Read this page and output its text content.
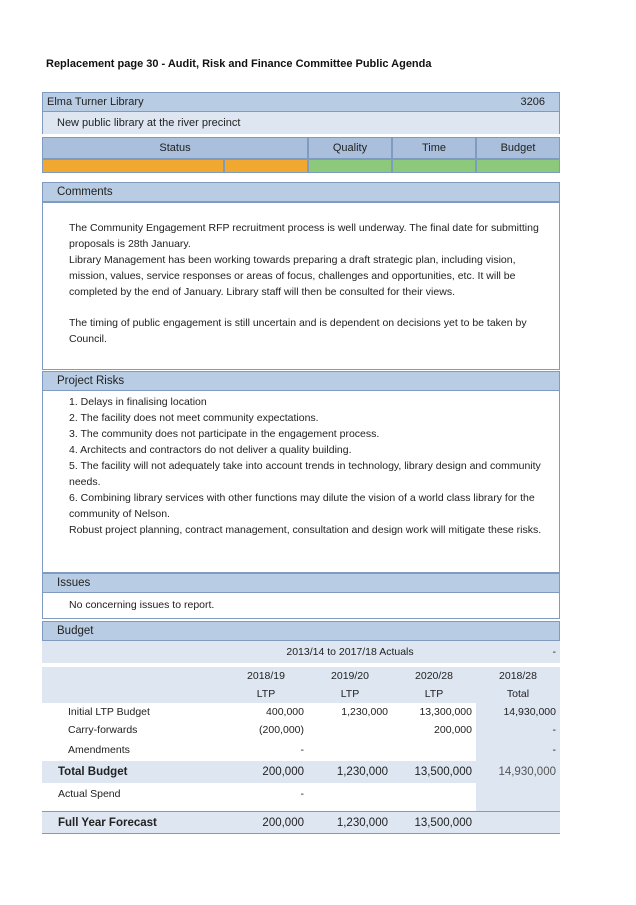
Replacement page 30 - Audit, Risk and Finance Committee Public Agenda
Elma Turner Library	3206
New public library at the river precinct
Status	Quality	Time	Budget
Comments

The Community Engagement RFP recruitment process is well underway. The final date for submitting proposals is 28th January.

Library Management has been working towards preparing a draft strategic plan, including vision, mission, values, service responses or areas of focus, challenges and opportunities, etc. It will be completed by the end of January. Library staff will then be consulted for their views.

The timing of public engagement is still uncertain and is dependent on decisions yet to be taken by Council.

Project Risks

1. Delays in finalising location

2. The facility does not meet community expectations.

3. The community does not participate in the engagement process.

4. Architects and contractors do not deliver a quality building.

5. The facility will not adequately take into account trends in technology, library design and community needs.

6. Combining library services with other functions may dilute the vision of a world class library for the community of Nelson.

Robust project planning, contract management, consultation and design work will mitigate these risks.

Issues

No concerning issues to report.

Budget
	2013/14 to 2017/18 Actuals			-

	2018/19	2019/20	2020/28	2018/28
	LTP	LTP	LTP	Total
Initial LTP Budget	400,000	1,230,000	13,300,000	14,930,000
Carry-forwards	(200,000)		200,000	-
Amendments	-			-
Total Budget	200,000	1,230,000	13,500,000	14,930,000
Actual Spend	-			

Full Year Forecast	200,000	1,230,000	13,500,000	
